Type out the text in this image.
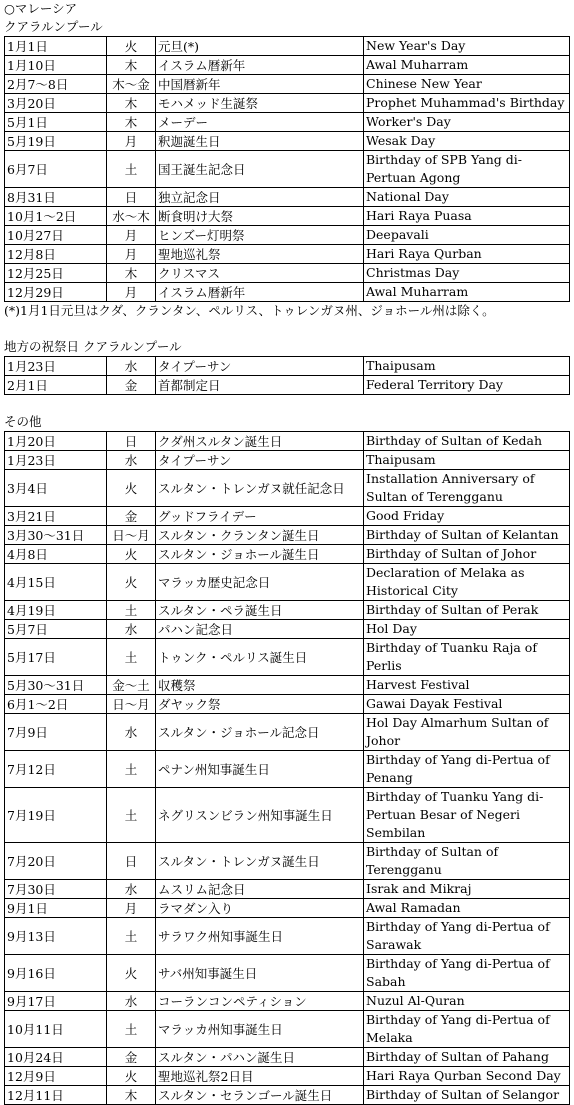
○マレーシア
クアラルンプール
1月1日	火	元旦(*)	New Year's Day
1月10日	木	イスラム暦新年	Awal Muharram
2月7～8日	木～金	中国暦新年	Chinese New Year
3月20日	木	モハメッド生誕祭	Prophet Muhammad's Birthday
5月1日	木	メーデー	Worker's Day
5月19日	月	釈迦誕生日	Wesak Day
6月7日	土	国王誕生記念日	Birthday of SPB Yang di-Pertuan Agong
8月31日	日	独立記念日	National Day
10月1～2日	水～木	断食明け大祭	Hari Raya Puasa
10月27日	月	ヒンズー灯明祭	Deepavali
12月8日	月	聖地巡礼祭	Hari Raya Qurban
12月25日	木	クリスマス	Christmas Day
12月29日	月	イスラム暦新年	Awal Muharram
(*)1月1日元旦はクダ、クランタン、ペルリス、トゥレンガヌ州、ジョホール州は除く。
地方の祝祭日 クアラルンプール
1月23日	水	タイプーサン	Thaipusam
2月1日	金	首都制定日	Federal Territory Day
その他
1月20日	日	クダ州スルタン誕生日	Birthday of Sultan of Kedah
1月23日	水	タイプーサン	Thaipusam
3月4日	火	スルタン・トレンガヌ就任記念日	Installation Anniversary of Sultan of Terengganu
3月21日	金	グッドフライデー	Good Friday
3月30～31日	日～月	スルタン・クランタン誕生日	Birthday of Sultan of Kelantan
4月8日	火	スルタン・ジョホール誕生日	Birthday of Sultan of Johor
4月15日	火	マラッカ歴史記念日	Declaration of Melaka as Historical City
4月19日	土	スルタン・ペラ誕生日	Birthday of Sultan of Perak
5月7日	水	パハン記念日	Hol Day
5月17日	土	トゥンク・ペルリス誕生日	Birthday of Tuanku Raja of Perlis
5月30～31日	金～土	収穫祭	Harvest Festival
6月1～2日	日～月	ダヤック祭	Gawai Dayak Festival
7月9日	水	スルタン・ジョホール記念日	Hol Day Almarhum Sultan of Johor
7月12日	土	ペナン州知事誕生日	Birthday of Yang di-Pertua of Penang
7月19日	土	ネグリスンビラン州知事誕生日	Birthday of Tuanku Yang di-Pertuan Besar of Negeri Sembilan
7月20日	日	スルタン・トレンガヌ誕生日	Birthday of Sultan of Terengganu
7月30日	水	ムスリム記念日	Israk and Mikraj
9月1日	月	ラマダン入り	Awal Ramadan
9月13日	土	サラワク州知事誕生日	Birthday of Yang di-Pertua of Sarawak
9月16日	火	サバ州知事誕生日	Birthday of Yang di-Pertua of Sabah
9月17日	水	コーランコンペティション	Nuzul Al-Quran
10月11日	土	マラッカ州知事誕生日	Birthday of Yang di-Pertua of Melaka
10月24日	金	スルタン・パハン誕生日	Birthday of Sultan of Pahang
12月9日	火	聖地巡礼祭2日目	Hari Raya Qurban Second Day
12月11日	木	スルタン・セランゴール誕生日	Birthday of Sultan of Selangor
